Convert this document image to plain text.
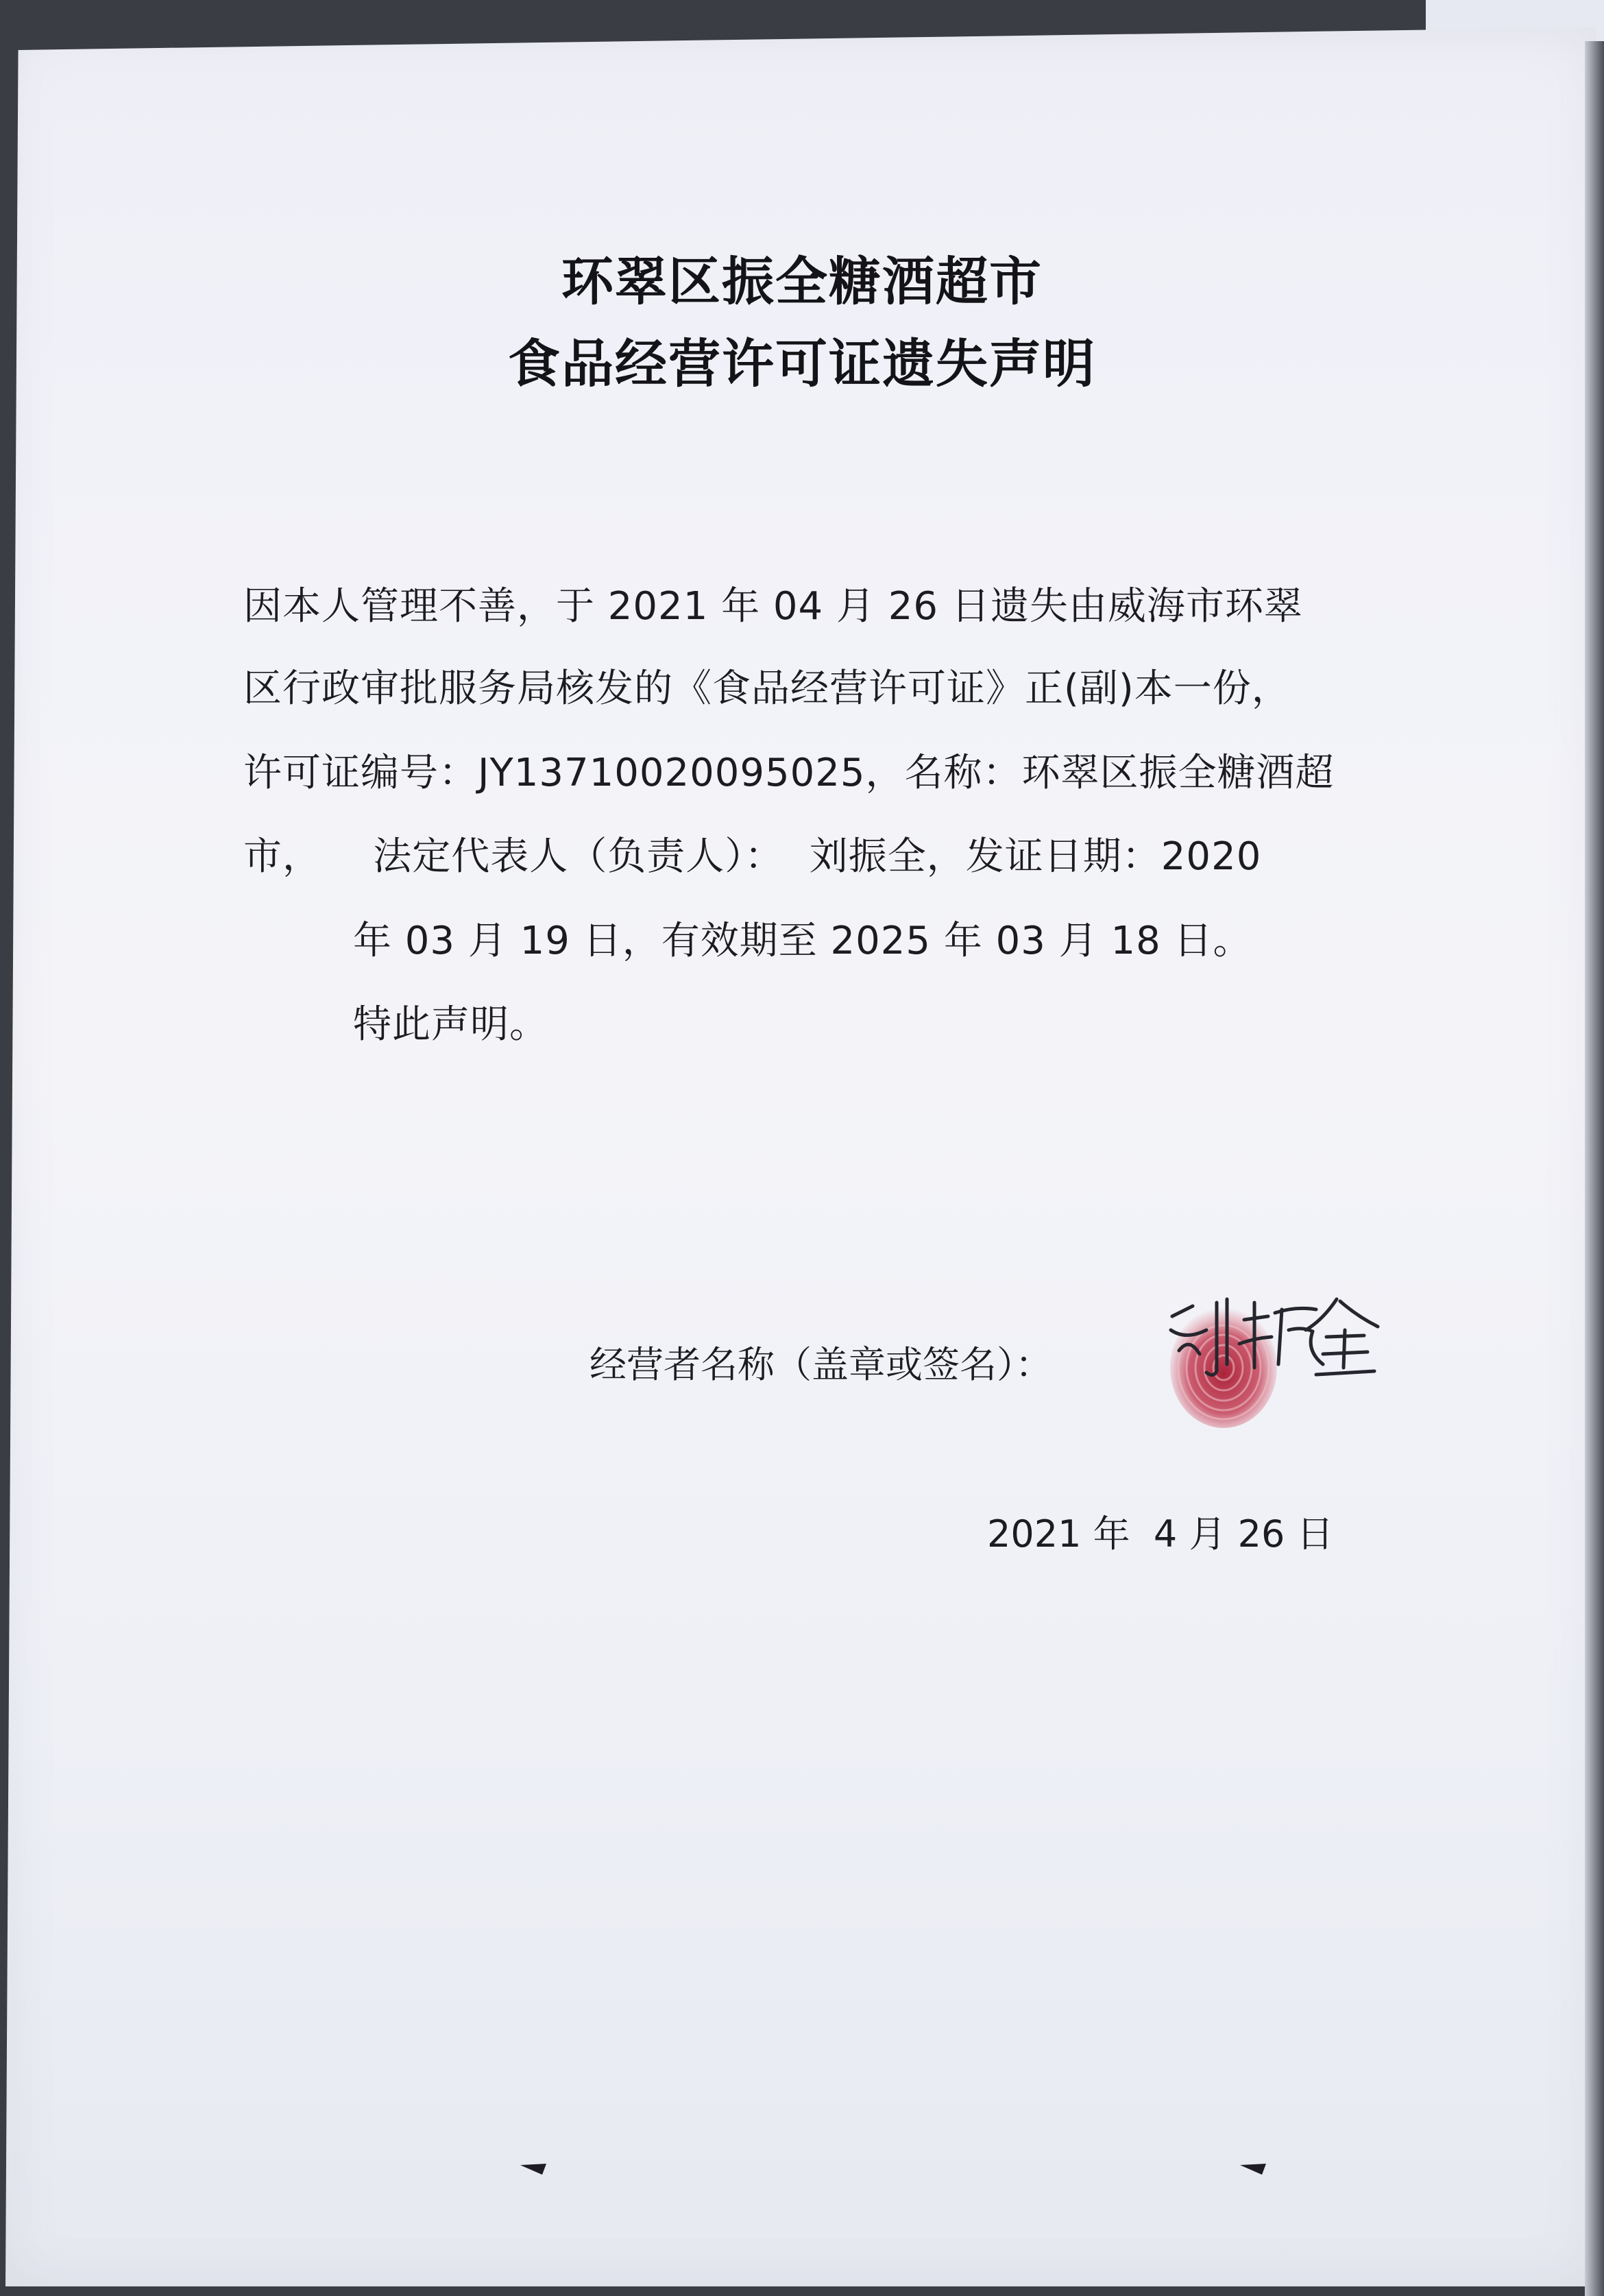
环翠区振全糖酒超市
食品经营许可证遗失声明
因本人管理不善，于 2021 年 04 月 26 日遗失由威海市环翠
区行政审批服务局核发的《食品经营许可证》正(副)本一份，
许可证编号：JY13710020095025，名称：环翠区振全糖酒超
市，    法定代表人（负责人）：  刘振全，发证日期：2020
年 03 月 19 日，有效期至 2025 年 03 月 18 日。
特此声明。
经营者名称（盖章或签名）：
2021 年  4 月 26 日
